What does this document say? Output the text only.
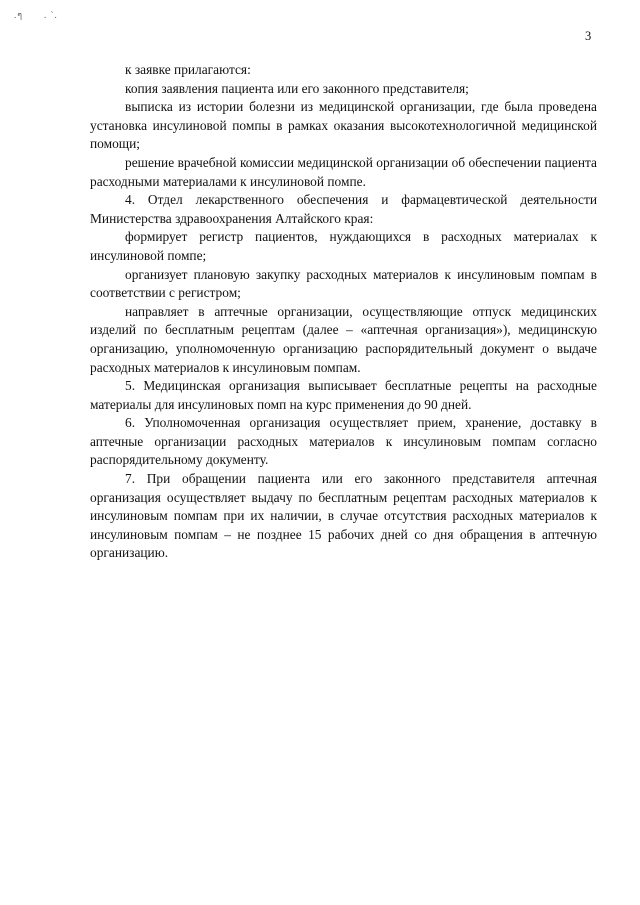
.ๆ . `.
3

к заявке прилагаются:

копия заявления пациента или его законного представителя;

выписка из истории болезни из медицинской организации, где была проведена установка инсулиновой помпы в рамках оказания высокотехнологичной медицинской помощи;

решение врачебной комиссии медицинской организации об обеспечении пациента расходными материалами к инсулиновой помпе.

4. Отдел лекарственного обеспечения и фармацевтической деятельности Министерства здравоохранения Алтайского края:

формирует регистр пациентов, нуждающихся в расходных материалах к инсулиновой помпе;

организует плановую закупку расходных материалов к инсулиновым помпам в соответствии с регистром;

направляет в аптечные организации, осуществляющие отпуск медицинских изделий по бесплатным рецептам (далее – «аптечная организация»), медицинскую организацию, уполномоченную организацию распорядительный документ о выдаче расходных материалов к инсулиновым помпам.

5. Медицинская организация выписывает бесплатные рецепты на расходные материалы для инсулиновых помп на курс применения до 90 дней.

6. Уполномоченная организация осуществляет прием, хранение, доставку в аптечные организации расходных материалов к инсулиновым помпам согласно распорядительному документу.

7. При обращении пациента или его законного представителя аптечная организация осуществляет выдачу по бесплатным рецептам расходных материалов к инсулиновым помпам при их наличии, в случае отсутствия расходных материалов к инсулиновым помпам – не позднее 15 рабочих дней со дня обращения в аптечную организацию.
